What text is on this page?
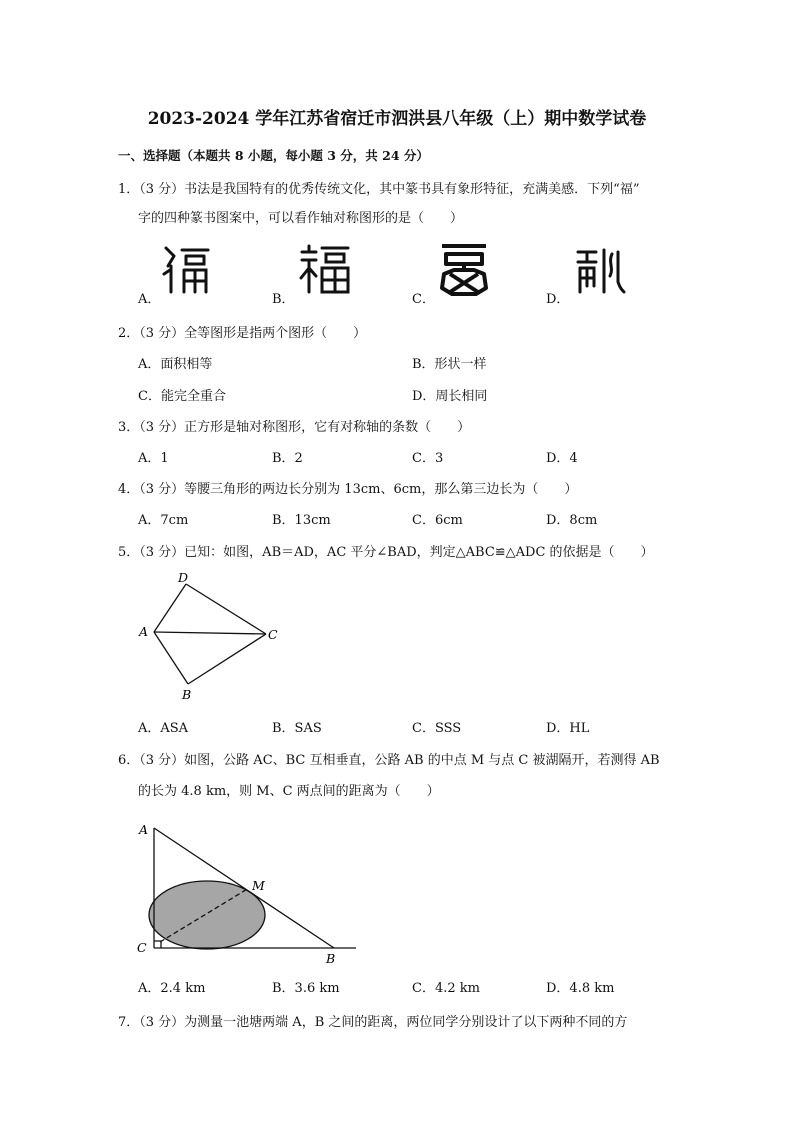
2023-2024 学年江苏省宿迁市泗洪县八年级（上）期中数学试卷
一、选择题（本题共 8 小题，每小题 3 分，共 24 分）
1．（3 分）书法是我国特有的优秀传统文化，其中篆书具有象形特征，充满美感．下列“福”
字的四种篆书图案中，可以看作轴对称图形的是（　　）
A．	B．	C．	D．
2．（3 分）全等图形是指两个图形（　　）
A．面积相等	B．形状一样
C．能完全重合	D．周长相同
3．（3 分）正方形是轴对称图形，它有对称轴的条数（　　）
A．1	B．2	C．3	D．4
4．（3 分）等腰三角形的两边长分别为 13cm、6cm，那么第三边长为（　　）
A．7cm	B．13cm	C．6cm	D．8cm
5．（3 分）已知：如图，AB＝AD，AC 平分∠BAD，判定△ABC≌△ADC 的依据是（　　）
D
A	C
B
A．ASA	B．SAS	C．SSS	D．HL
6．（3 分）如图，公路 AC、BC 互相垂直，公路 AB 的中点 M 与点 C 被湖隔开，若测得 AB
的长为 4.8 km，则 M、C 两点间的距离为（　　）
A
M
C
B
A．2.4 km	B．3.6 km	C．4.2 km	D．4.8 km
7．（3 分）为测量一池塘两端 A，B 之间的距离，两位同学分别设计了以下两种不同的方
